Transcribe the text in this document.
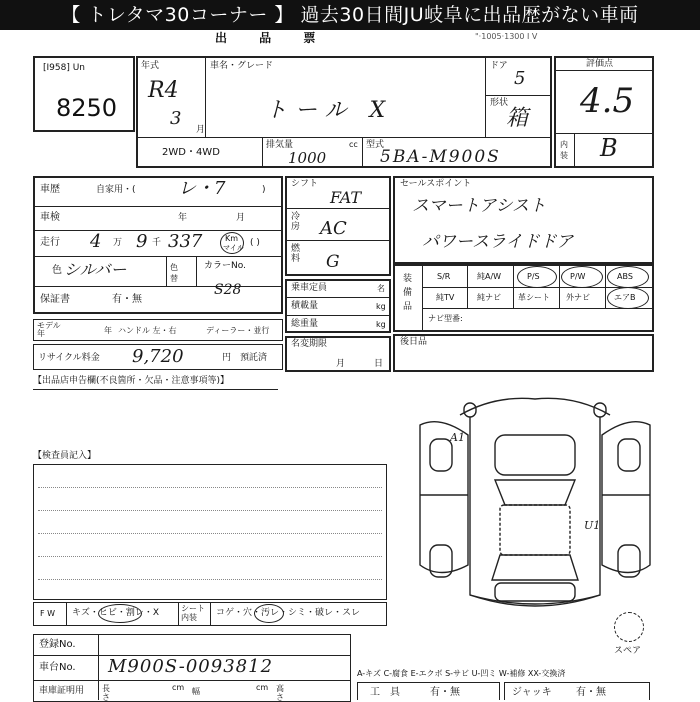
【 トレタマ30コーナー 】 過去30日間JU岐阜に出品歴がない車両
出 品 票	"·1005·1300 I V
[I958] Un
8250
年式
R4
3
月
車名・グレード
トール X
ドア
5
形状
箱
2WD・4WD
排気量	cc
1000
型式
5BA-M900S
評価点
4.5
内装 B
車歴	自家用・( レ・7	)
車検	年	月
走行 4 万 9 千 337	Km
マイル ( )
色 シルバー	色替
カラーNo.
S28
保証書	有・無
モデル年	年 ハンドル 左・右	ディーラー・並行
リサイクル料金 9,720	円 預託済
シフト
FAT
冷房 AC
燃料 G
乗車定員	名
積載量	kg
総重量	kg
名変期限
月	日
セールスポイント
スマートアシスト
パワースライドドア
装備品
S/R	純A/W	P/S	P/W	ABS
純TV	純ナビ 革シート 外ナビ	エアB
ナビ型番:
後日品
【出品店申告欄(不良箇所・欠品・注意事項等)】
【検査員記入】
F W キズ・ヒビ・割レ・X	シート内装	コゲ・穴・汚レ・シミ・破レ・スレ
登録No.
車台No. M900S-0093812
車庫証明用 長さ
cm 幅	cm 高さ
A1
U1
スペア
A-キズ C-腐食 E-エクボ S-サビ U-凹ミ W-補修 XX-交換済
工具 有・無	ジャッキ 有・無
